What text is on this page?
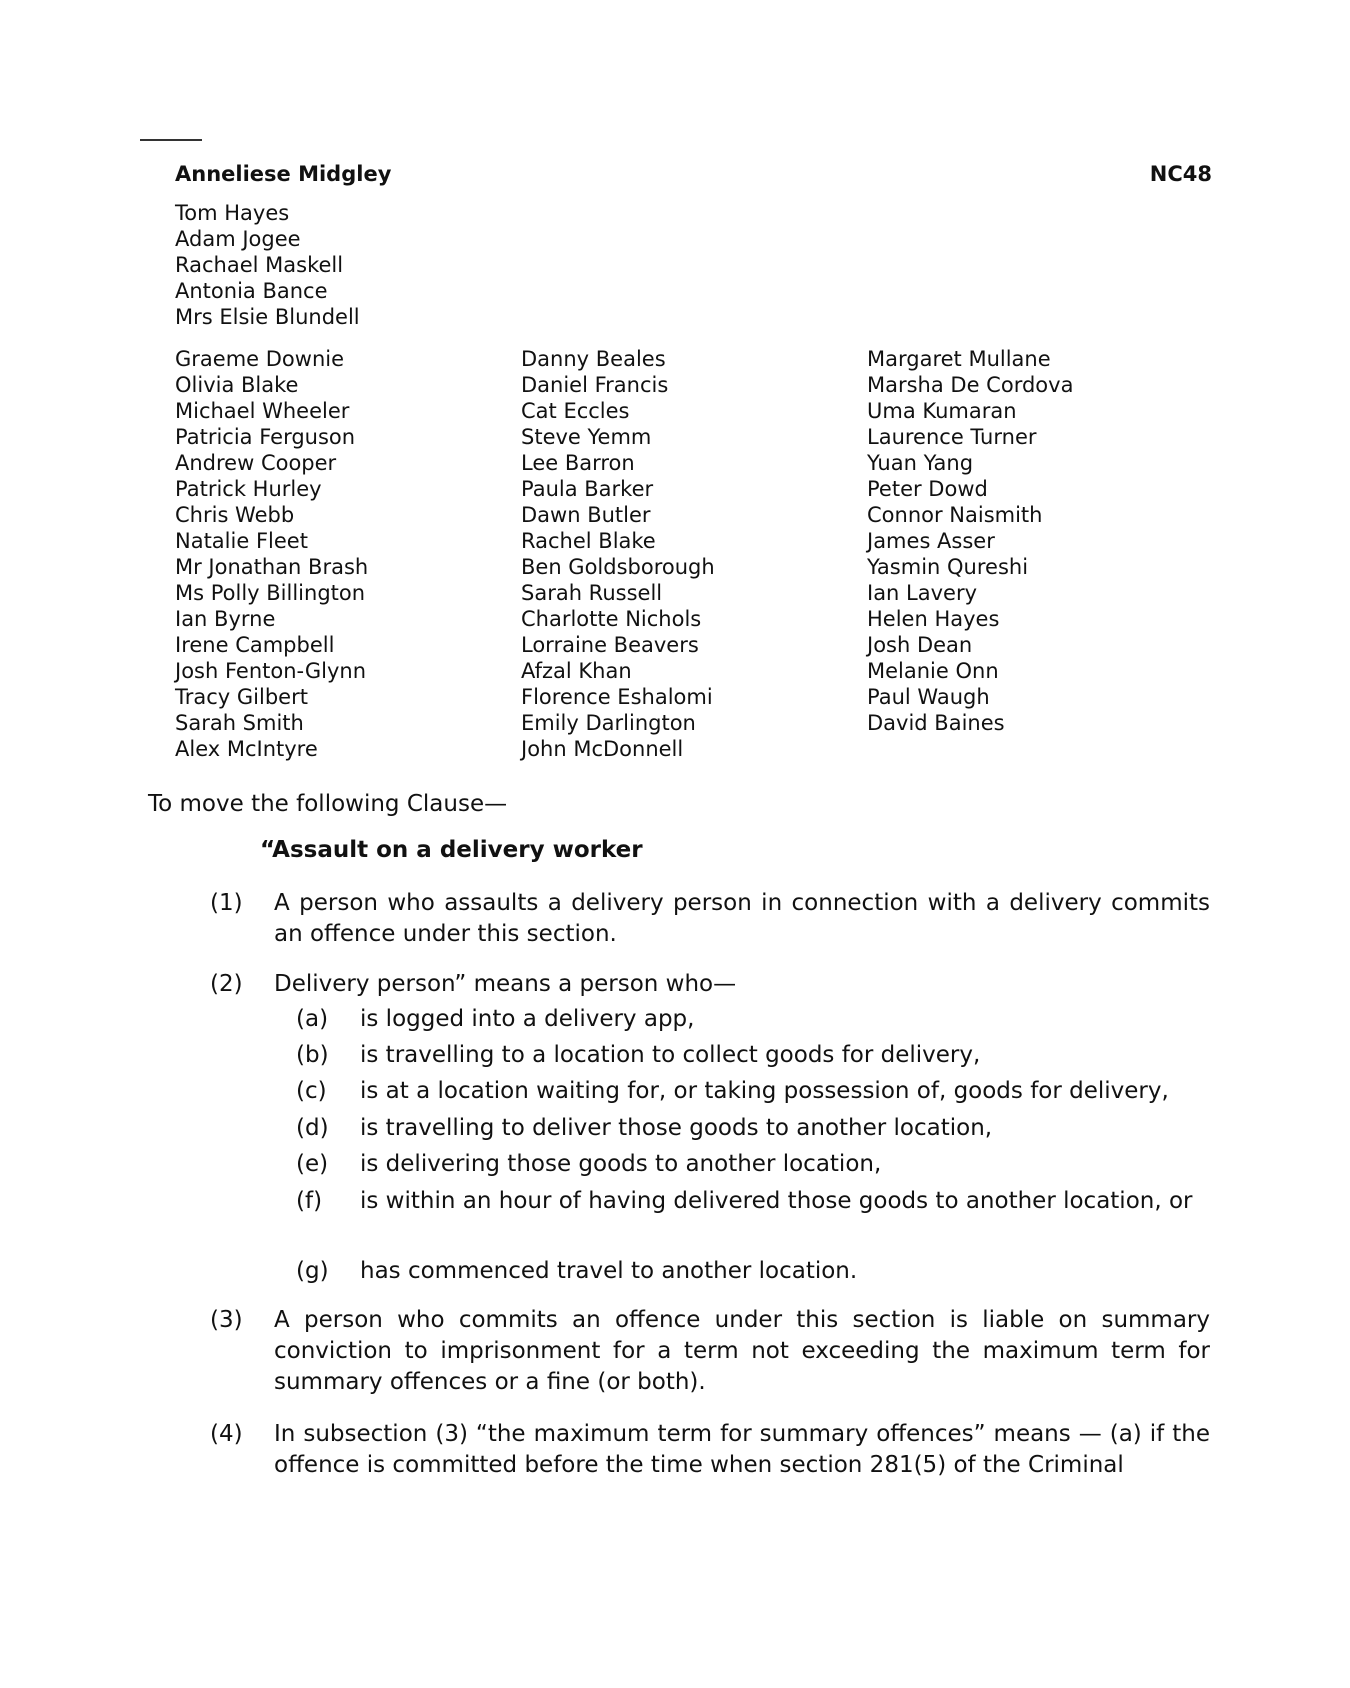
Anneliese Midgley	NC48
Tom Hayes
Adam Jogee
Rachael Maskell
Antonia Bance
Mrs Elsie Blundell
Graeme Downie
Olivia Blake
Michael Wheeler
Patricia Ferguson
Andrew Cooper
Patrick Hurley
Chris Webb
Natalie Fleet
Mr Jonathan Brash
Ms Polly Billington
Ian Byrne
Irene Campbell
Josh Fenton-Glynn
Tracy Gilbert
Sarah Smith
Alex McIntyre
Danny Beales
Daniel Francis
Cat Eccles
Steve Yemm
Lee Barron
Paula Barker
Dawn Butler
Rachel Blake
Ben Goldsborough
Sarah Russell
Charlotte Nichols
Lorraine Beavers
Afzal Khan
Florence Eshalomi
Emily Darlington
John McDonnell
Margaret Mullane
Marsha De Cordova
Uma Kumaran
Laurence Turner
Yuan Yang
Peter Dowd
Connor Naismith
James Asser
Yasmin Qureshi
Ian Lavery
Helen Hayes
Josh Dean
Melanie Onn
Paul Waugh
David Baines
To move the following Clause—
“Assault on a delivery worker
(1)	A person who assaults a delivery person in connection with a delivery commits an offence under this section.
(2)	Delivery person” means a person who—
(a) is logged into a delivery app,
(b) is travelling to a location to collect goods for delivery,
(c) is at a location waiting for, or taking possession of, goods for delivery,
(d) is travelling to deliver those goods to another location,
(e) is delivering those goods to another location,
(f) is within an hour of having delivered those goods to another location, or
(g) has commenced travel to another location.
(3)	A person who commits an offence under this section is liable on summary conviction to imprisonment for a term not exceeding the maximum term for summary offences or a fine (or both).
(4)	In subsection (3) “the maximum term for summary offences” means — (a) if the offence is committed before the time when section 281(5) of the Criminal
